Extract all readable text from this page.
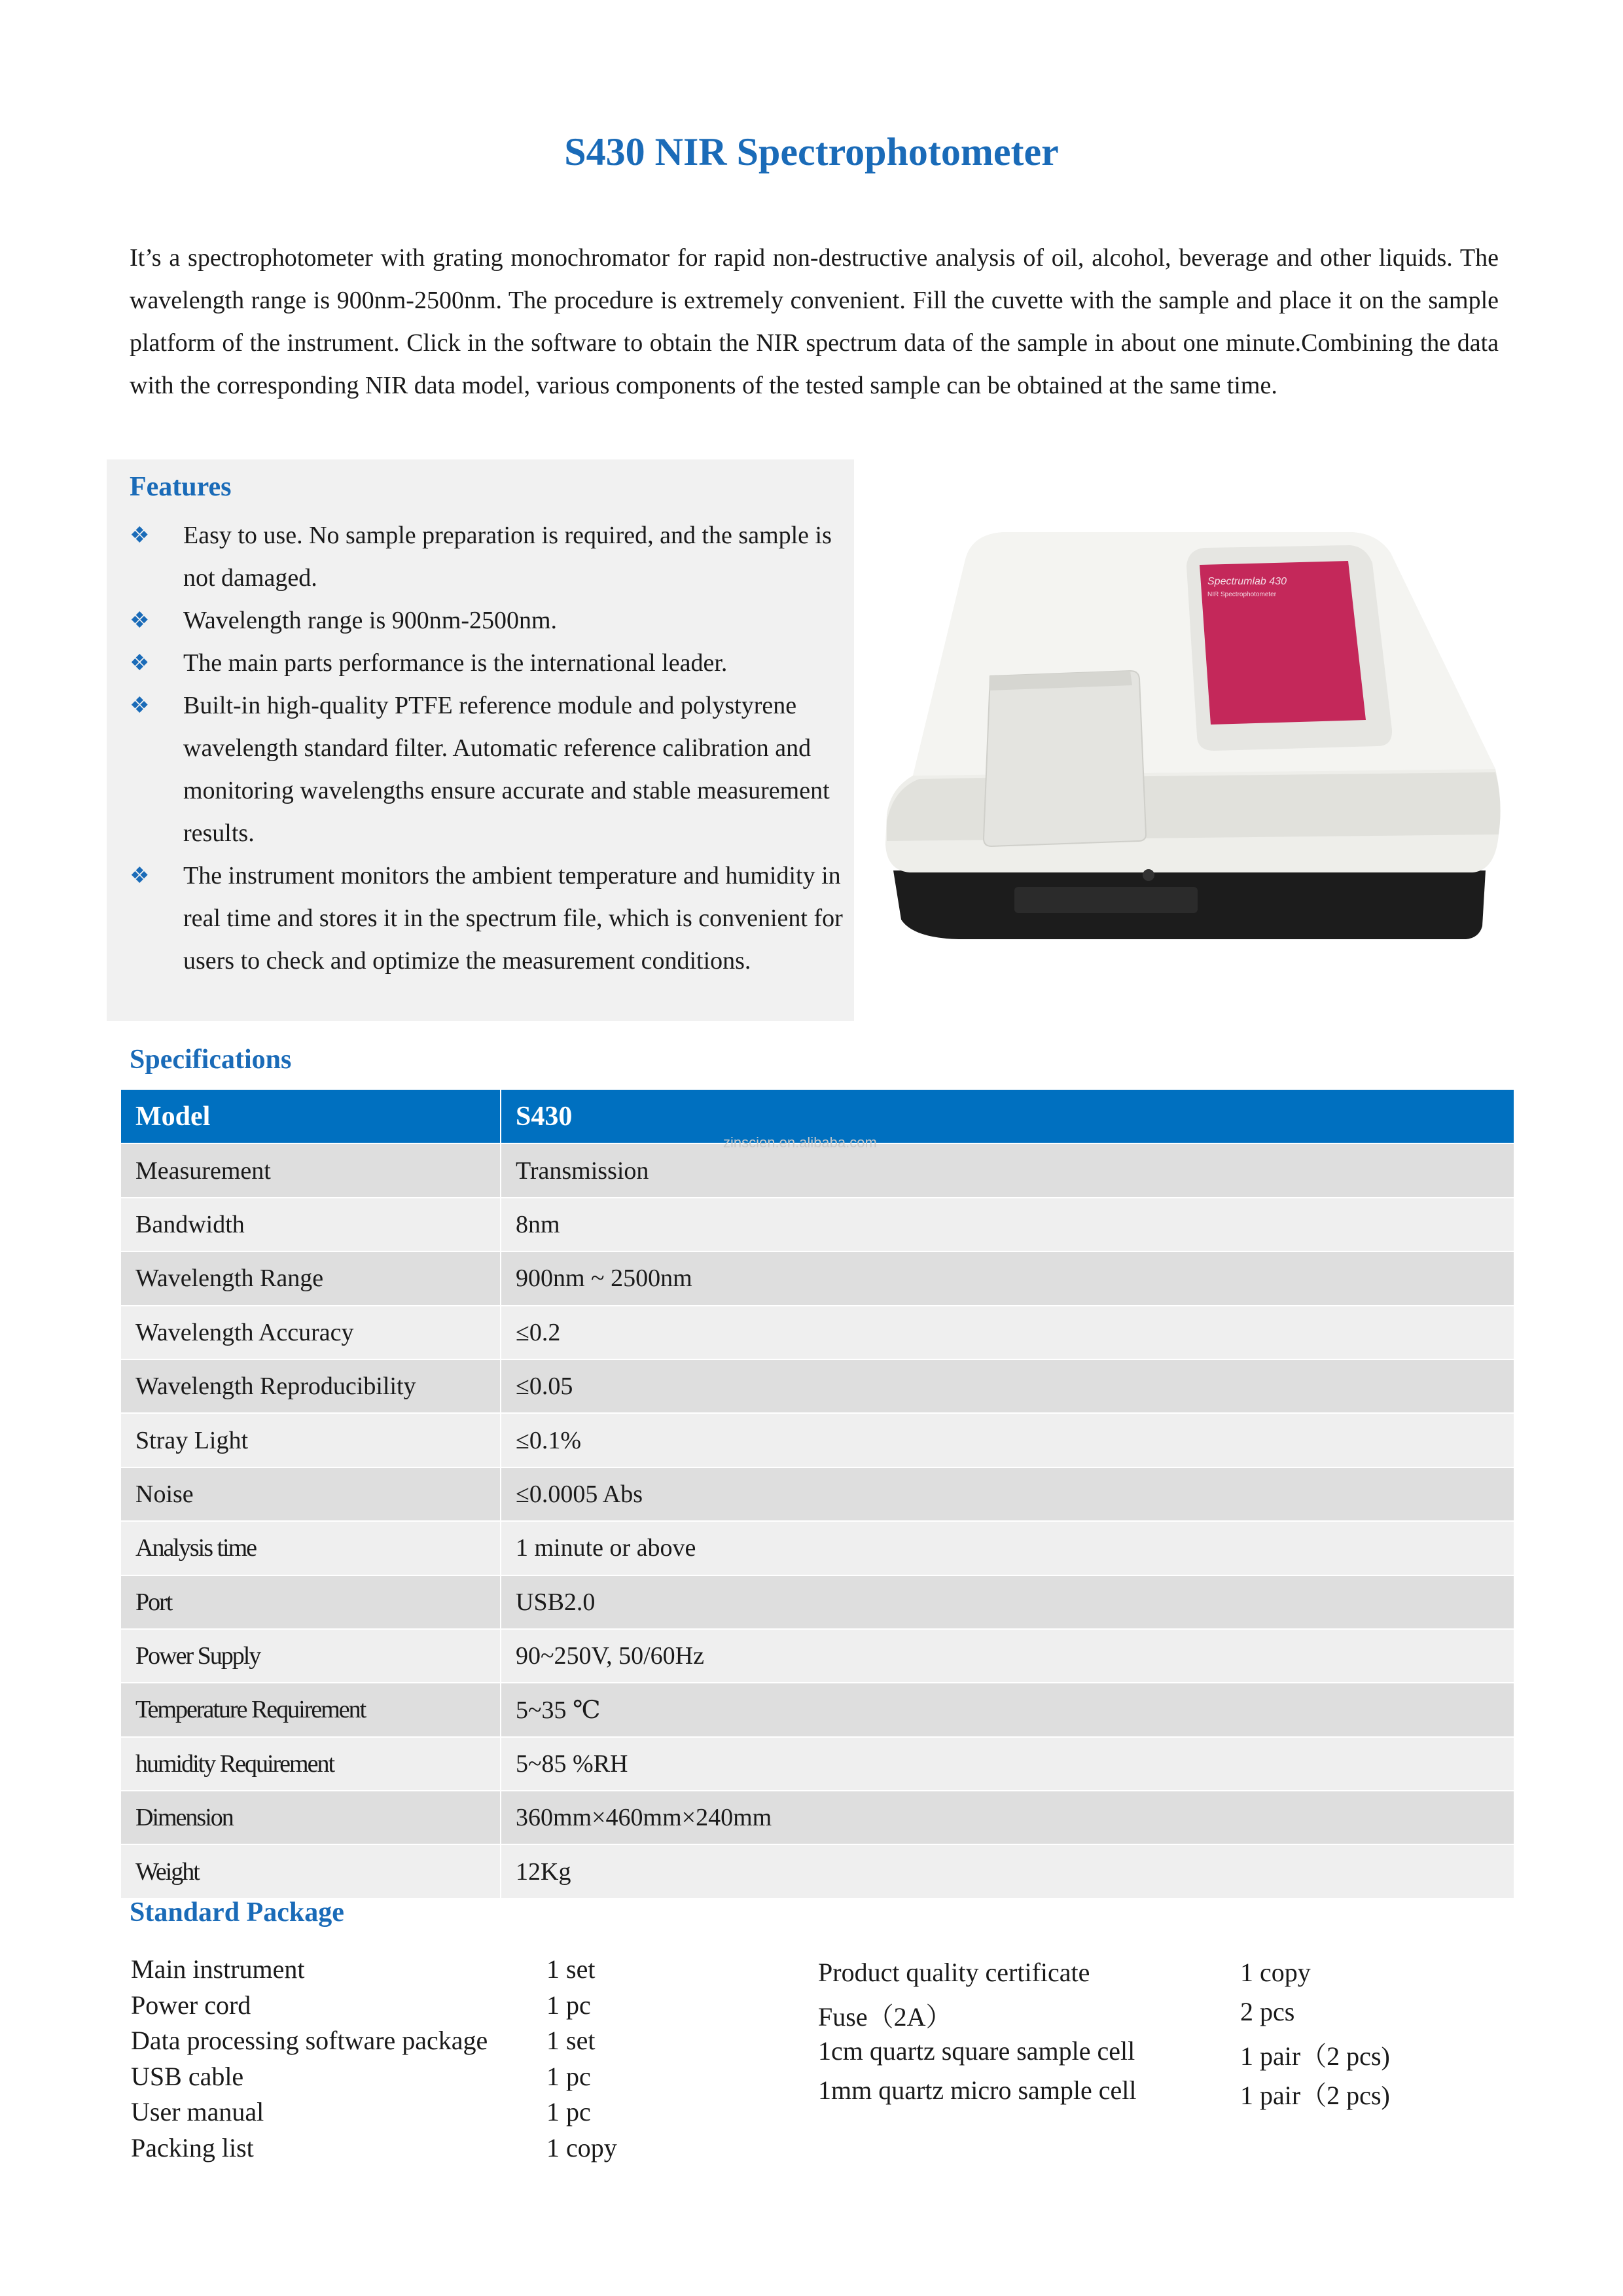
S430 NIR Spectrophotometer
It’s a spectrophotometer with grating monochromator for rapid non-destructive analysis of oil, alcohol, beverage and other liquids. The wavelength range is 900nm-2500nm. The procedure is extremely convenient. Fill the cuvette with the sample and place it on the sample platform of the instrument. Click in the software to obtain the NIR spectrum data of the sample in about one minute.Combining the data with the corresponding NIR data model, various components of the tested sample can be obtained at the same time.
Features
❖ Easy to use. No sample preparation is required, and the sample is not damaged.
❖ Wavelength range is 900nm-2500nm.
❖ The main parts performance is the international leader.
❖ Built-in high-quality PTFE reference module and polystyrene wavelength standard filter. Automatic reference calibration and monitoring wavelengths ensure accurate and stable measurement results.
❖ The instrument monitors the ambient temperature and humidity in real time and stores it in the spectrum file, which is convenient for users to check and optimize the measurement conditions.
Spectrumlab 430
NIR Spectrophotometer
Specifications
Model	S430
Measurement	Transmission
Bandwidth	8nm
Wavelength Range	900nm ~ 2500nm
Wavelength Accuracy	≤0.2
Wavelength Reproducibility	≤0.05
Stray Light	≤0.1%
Noise	≤0.0005 Abs
Analysis time	1 minute or above
Port	USB2.0
Power Supply	90~250V, 50/60Hz
Temperature Requirement	5~35 ℃
humidity Requirement	5~85 %RH
Dimension	360mm×460mm×240mm
Weight	12Kg
zinscien.en.alibaba.com
Standard Package
Main instrument	1 set
Power cord	1 pc
Data processing software package 1 set
USB cable	1 pc
User manual	1 pc
Packing list	1 copy
Product quality certificate	1 copy
Fuse（2A）	2 pcs
1cm quartz square sample cell	1 pair（2 pcs)
1mm quartz micro sample cell	1 pair（2 pcs)
